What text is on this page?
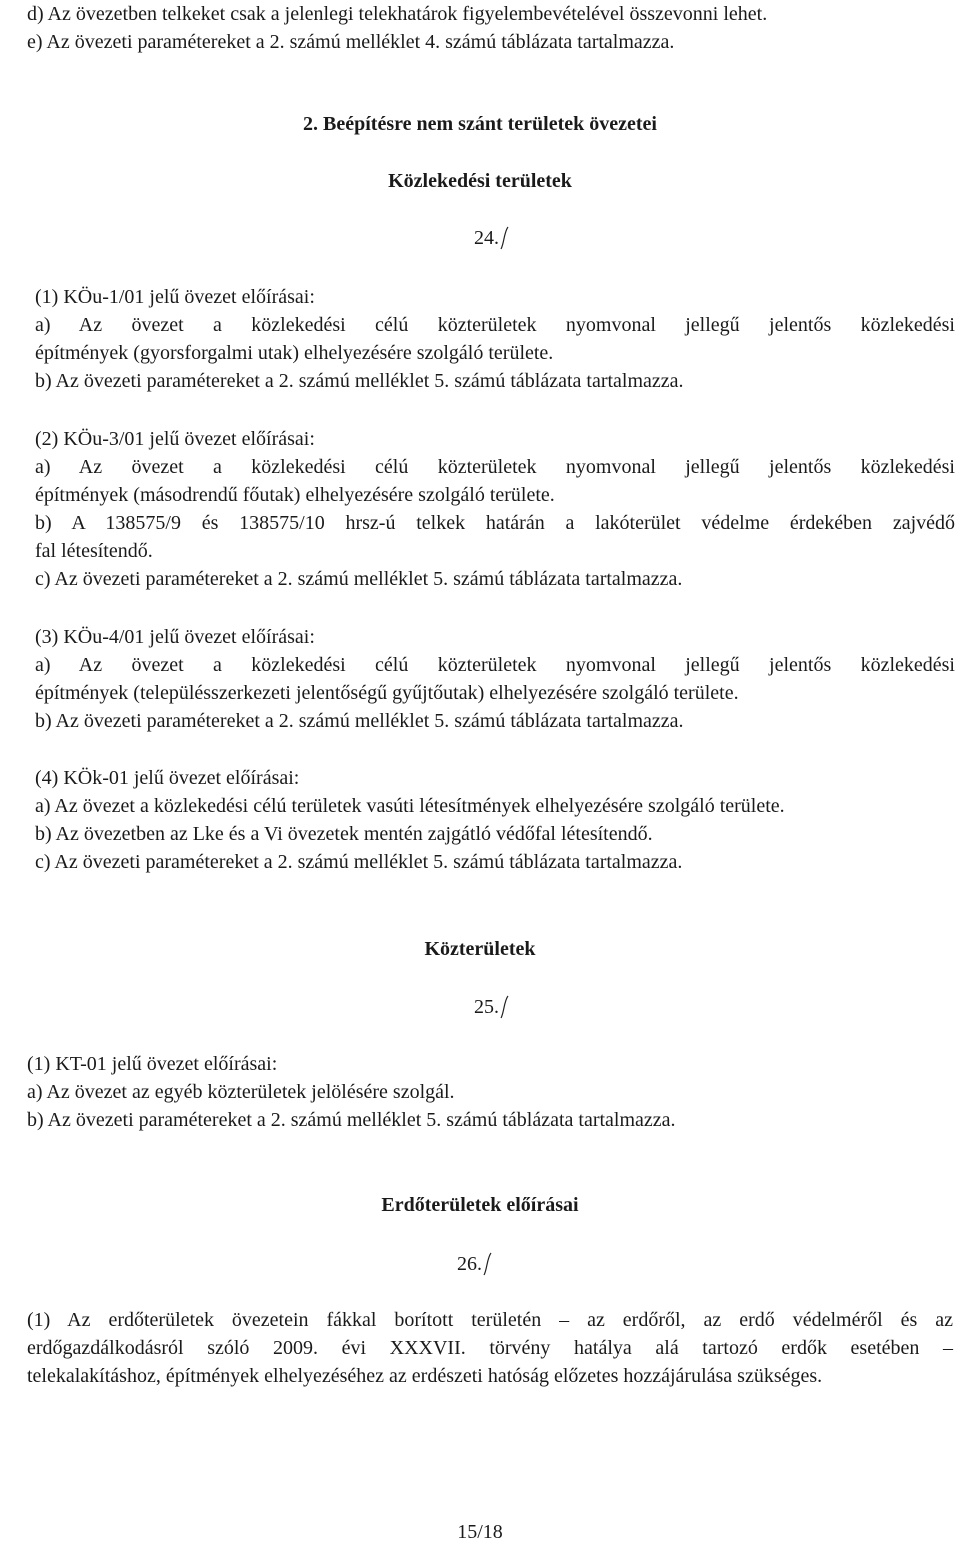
d) Az övezetben telkeket csak a jelenlegi telekhatárok figyelembevételével összevonni lehet.
e) Az övezeti paramétereket a 2. számú melléklet 4. számú táblázata tartalmazza.
2. Beépítésre nem szánt területek övezetei
Közlekedési területek
24.
(1) KÖu-1/01 jelű övezet előírásai:
a) Az övezet a közlekedési célú közterületek nyomvonal jellegű jelentős közlekedési
építmények (gyorsforgalmi utak) elhelyezésére szolgáló területe.
b) Az övezeti paramétereket a 2. számú melléklet 5. számú táblázata tartalmazza.
(2) KÖu-3/01 jelű övezet előírásai:
a) Az övezet a közlekedési célú közterületek nyomvonal jellegű jelentős közlekedési
építmények (másodrendű főutak) elhelyezésére szolgáló területe.
b) A 138575/9 és 138575/10 hrsz-ú telkek határán a lakóterület védelme érdekében zajvédő
fal létesítendő.
c) Az övezeti paramétereket a 2. számú melléklet 5. számú táblázata tartalmazza.
(3) KÖu-4/01 jelű övezet előírásai:
a) Az övezet a közlekedési célú közterületek nyomvonal jellegű jelentős közlekedési
építmények (településszerkezeti jelentőségű gyűjtőutak) elhelyezésére szolgáló területe.
b) Az övezeti paramétereket a 2. számú melléklet 5. számú táblázata tartalmazza.
(4) KÖk-01 jelű övezet előírásai:
a) Az övezet a közlekedési célú területek vasúti létesítmények elhelyezésére szolgáló területe.
b) Az övezetben az Lke és a Vi övezetek mentén zajgátló védőfal létesítendő.
c) Az övezeti paramétereket a 2. számú melléklet 5. számú táblázata tartalmazza.
Közterületek
25.
(1) KT-01 jelű övezet előírásai:
a) Az övezet az egyéb közterületek jelölésére szolgál.
b) Az övezeti paramétereket a 2. számú melléklet 5. számú táblázata tartalmazza.
Erdőterületek előírásai
26.
(1) Az erdőterületek övezetein fákkal borított területén – az erdőről, az erdő védelméről és az
erdőgazdálkodásról szóló 2009. évi XXXVII. törvény hatálya alá tartozó erdők esetében –
telekalakításhoz, építmények elhelyezéséhez az erdészeti hatóság előzetes hozzájárulása szükséges.
15/18
